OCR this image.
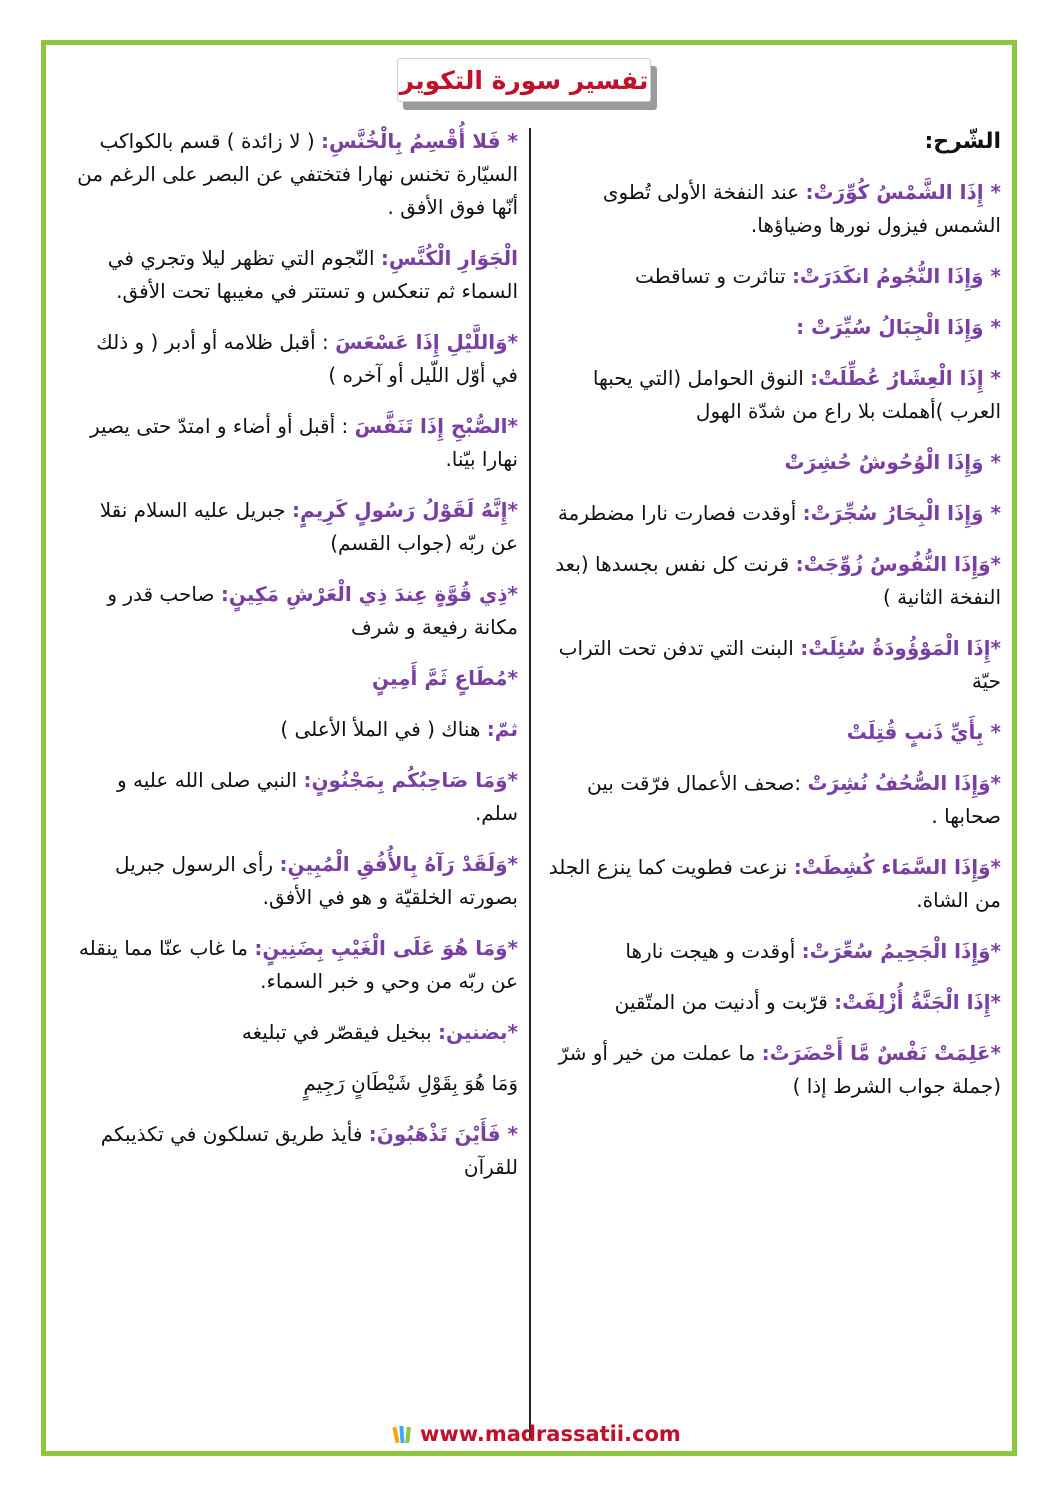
تفسير سورة التكوير

الشّرح:

* إِذَا الشَّمْسُ كُوِّرَتْ: عند النفخة الأولى تُطوى الشمس فيزول نورها وضياؤها.

* وَإِذَا النُّجُومُ انكَدَرَتْ: تناثرت و تساقطت

* وَإِذَا الْجِبَالُ سُيِّرَتْ :

* إِذَا الْعِشَارُ عُطِّلَتْ: النوق الحوامل (التي يحبها العرب )أهملت بلا راع من شدّة الهول

* وَإِذَا الْوُحُوشُ حُشِرَتْ

* وَإِذَا الْبِحَارُ سُجِّرَتْ: أوقدت فصارت نارا مضطرمة

*وَإِذَا النُّفُوسُ زُوِّجَتْ: قرنت كل نفس بجسدها (بعد النفخة الثانية )

*إِذَا الْمَوْؤُودَةُ سُئِلَتْ: البنت التي تدفن تحت التراب حيّة

* بِأَيِّ ذَنبٍ قُتِلَتْ

*وَإِذَا الصُّحُفُ نُشِرَتْ :صحف الأعمال فرّقت بين صحابها .

*وَإِذَا السَّمَاء كُشِطَتْ: نزعت فطويت كما ينزع الجلد من الشاة.

*وَإِذَا الْجَحِيمُ سُعِّرَتْ: أوقدت و هيجت نارها

*إِذَا الْجَنَّةُ أُزْلِفَتْ: قرّبت و أدنيت من المتّقين

*عَلِمَتْ نَفْسٌ مَّا أَحْضَرَتْ: ما عملت من خير أو شرّ (جملة جواب الشرط إذا )

* فَلا أُقْسِمُ بِالْخُنَّسِ: ( لا زائدة ) قسم بالكواكب السيّارة تخنس نهارا فتختفي عن البصر على الرغم من أنّها فوق الأفق .

الْجَوَارِ الْكُنَّسِ: النّجوم التي تظهر ليلا وتجري في السماء ثم تنعكس و تستتر في مغيبها تحت الأفق.

*وَاللَّيْلِ إِذَا عَسْعَسَ : أقبل ظلامه أو أدبر ( و ذلك في أوّل اللّيل أو آخره )

*الصُّبْحِ إِذَا تَنَفَّسَ : أقبل أو أضاء و امتدّ حتى يصير نهارا بيّنا.

*إِنَّهُ لَقَوْلُ رَسُولٍ كَرِيمٍ: جبريل عليه السلام نقلا عن ربّه (جواب القسم)

*ذِي قُوَّةٍ عِندَ ذِي الْعَرْشِ مَكِينٍ: صاحب قدر و مكانة رفيعة و شرف

*مُطَاعٍ ثَمَّ أَمِينٍ

ثمّ: هناك ( في الملأ الأعلى )

*وَمَا صَاحِبُكُم بِمَجْنُونٍ: النبي صلى الله عليه و سلم.

*وَلَقَدْ رَآهُ بِالأُفُقِ الْمُبِينِ: رأى الرسول جبريل بصورته الخلقيّة و هو في الأفق.

*وَمَا هُوَ عَلَى الْغَيْبِ بِضَنِينٍ: ما غاب عنّا مما ينقله عن ربّه من وحي و خبر السماء.

*بضنين: ببخيل فيقصّر في تبليغه

وَمَا هُوَ بِقَوْلِ شَيْطَانٍ رَجِيمٍ

* فَأَيْنَ تَذْهَبُونَ: فأيذ طريق تسلكون في تكذيبكم للقرآن

www.madrassatii.com
